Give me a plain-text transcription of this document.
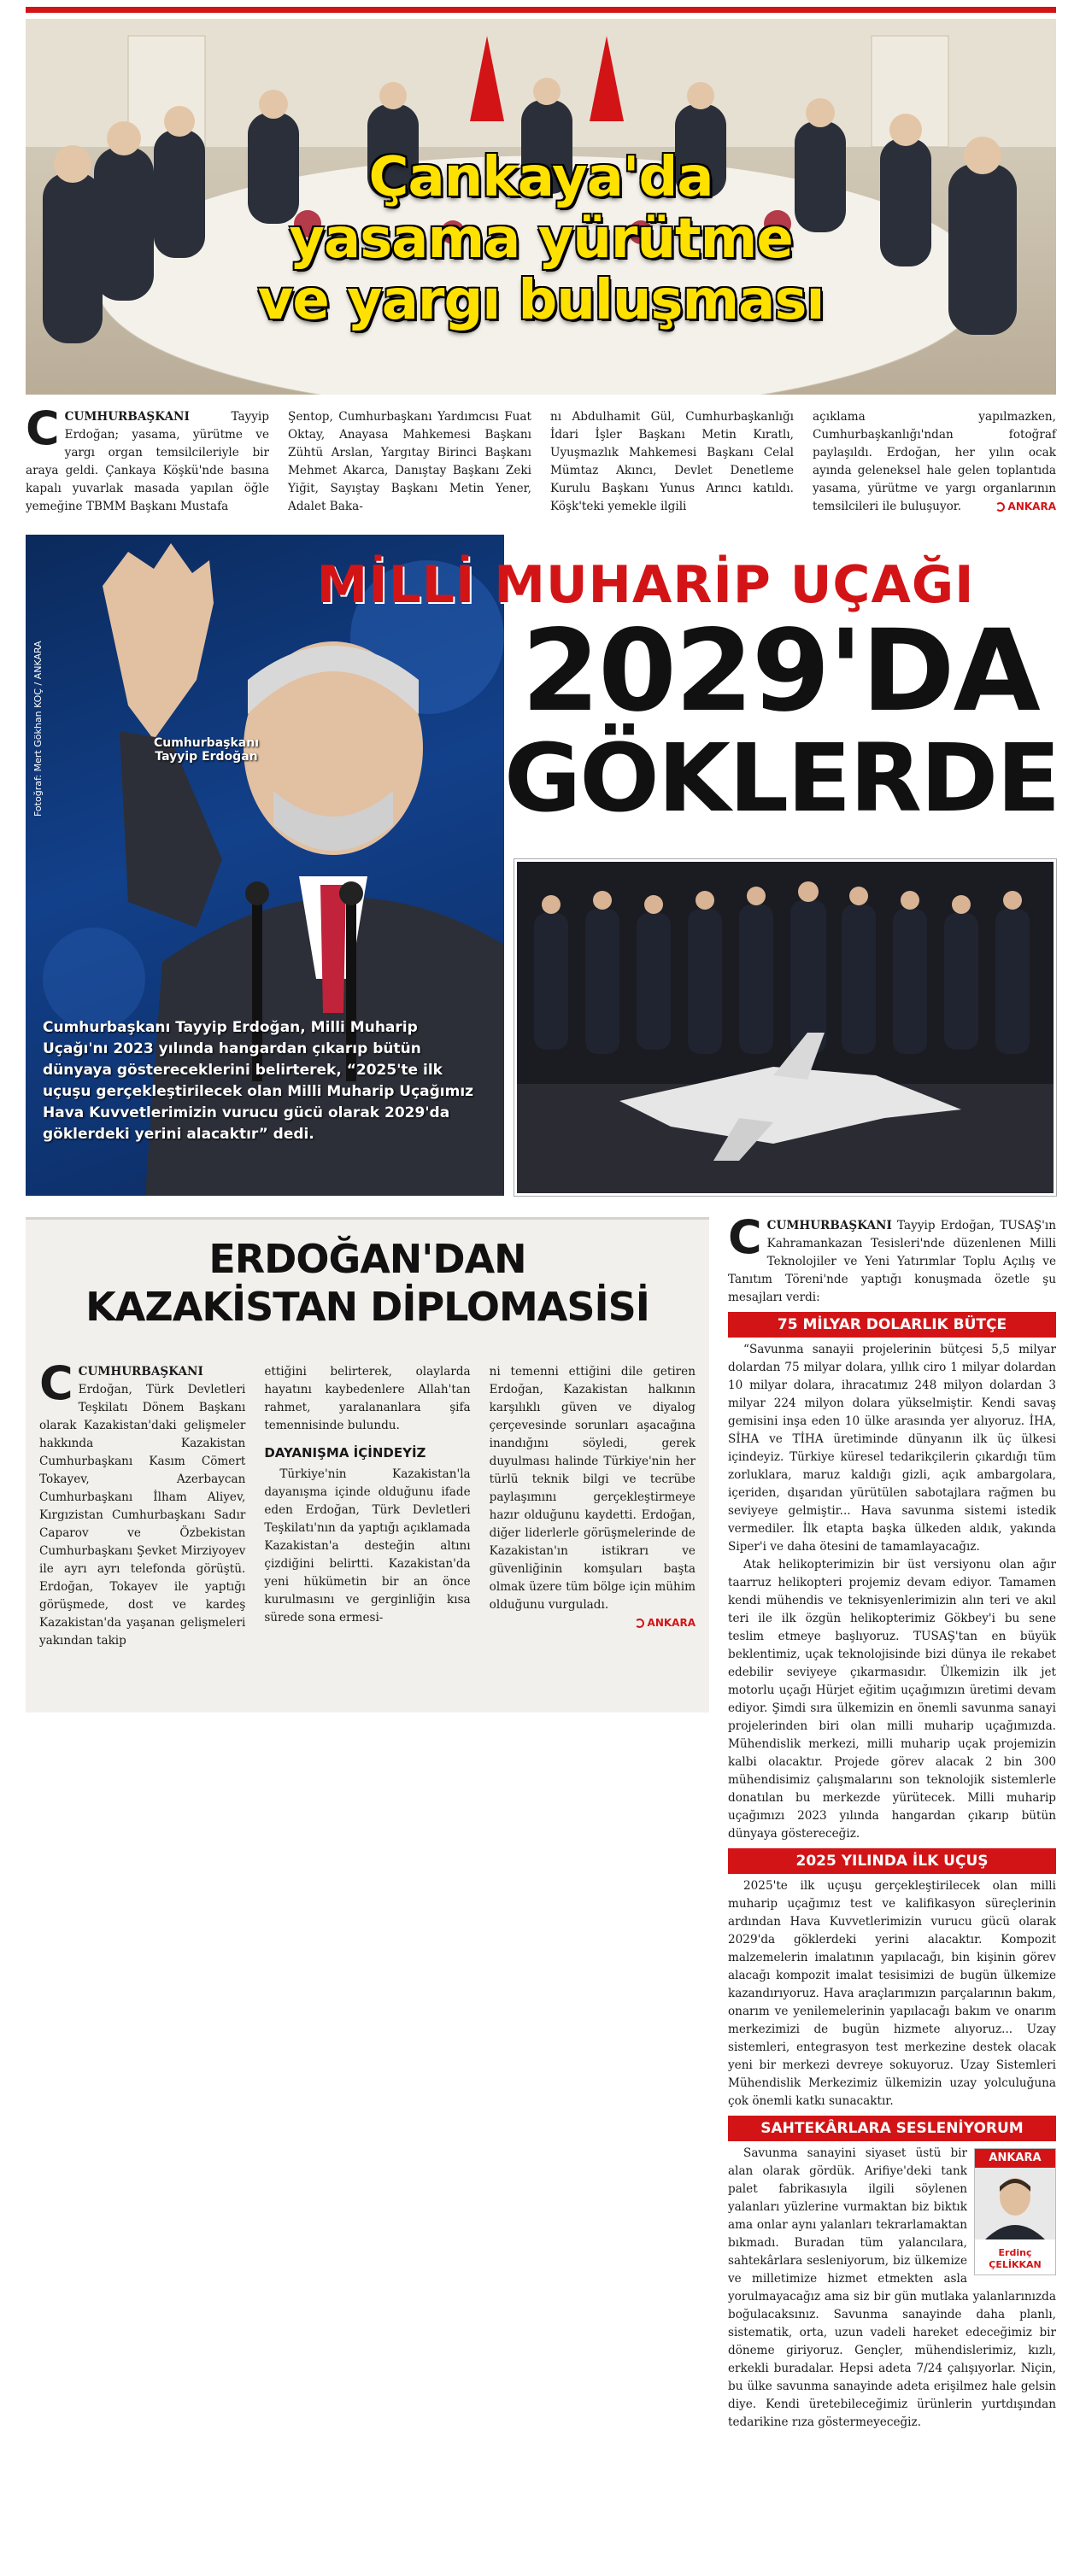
Çankaya'da
yasama yürütme
ve yargı buluşması
CCUMHURBAŞKANI Tayyip Erdoğan; yasama, yürütme ve yargı organ temsilcileriyle bir araya geldi. Çankaya Köşkü'nde basına kapalı yuvarlak masada yapılan öğle yemeğine TBMM Başkanı Mustafa
Şentop, Cumhurbaşkanı Yardımcısı Fuat Oktay, Anayasa Mahkemesi Başkanı Zühtü Arslan, Yargıtay Birinci Başkanı Mehmet Akarca, Danıştay Başkanı Zeki Yiğit, Sayıştay Başkanı Metin Yener, Adalet Baka-
nı Abdulhamit Gül, Cumhurbaşkanlığı İdari İşler Başkanı Metin Kıratlı, Uyuşmazlık Mahkemesi Başkanı Celal Mümtaz Akıncı, Devlet Denetleme Kurulu Başkanı Yunus Arıncı katıldı. Köşk'teki yemekle ilgili
açıklama yapılmazken, Cumhurbaşkanlığı'ndan fotoğraf paylaşıldı. Erdoğan, her yılın ocak ayında geleneksel hale gelen toplantıda yasama, yürütme ve yargı organlarının temsilcileri ile buluşuyor.	ANKARA
Fotoğraf: Mert Gökhan KOÇ / ANKARA	Cumhurbaşkanı
Tayyip Erdoğan
Cumhurbaşkanı Tayyip Erdoğan, Milli Muharip Uçağı'nı 2023 yılında hangardan çıkarıp bütün dünyaya göstereceklerini belirterek, “2025'te ilk uçuşu gerçekleştirilecek olan Milli Muharip Uçağımız Hava Kuvvetlerimizin vurucu gücü olarak 2029'da göklerdeki yerini alacaktır” dedi.
MİLLİ MUHARİP UÇAĞI
2029'DA
GÖKLERDE
ERDOĞAN'DAN
KAZAKİSTAN DİPLOMASİSİ
CCUMHURBAŞKANI Erdoğan, Türk Devletleri Teşkilatı Dönem Başkanı olarak Kazakistan'daki gelişmeler hakkında Kazakistan Cumhurbaşkanı Kasım Cömert Tokayev, Azerbaycan Cumhurbaşkanı İlham Aliyev, Kırgızistan Cumhurbaşkanı Sadır Caparov ve Özbekistan Cumhurbaşkanı Şevket Mirziyoyev ile ayrı ayrı telefonda görüştü. Erdoğan, Tokayev ile yaptığı görüşmede, dost ve kardeş Kazakistan'da yaşanan gelişmeleri yakından takip
ettiğini belirterek, olaylarda hayatını kaybedenlere Allah'tan rahmet, yaralananlara şifa temennisinde bulundu.
DAYANIŞMA İÇİNDEYİZ
Türkiye'nin Kazakistan'la dayanışma içinde olduğunu ifade eden Erdoğan, Türk Devletleri Teşkilatı'nın da yaptığı açıklamada Kazakistan'a desteğin altını çizdiğini belirtti. Kazakistan'da yeni hükümetin bir an önce kurulmasını ve gerginliğin kısa sürede sona ermesi-
ni temenni ettiğini dile getiren Erdoğan, Kazakistan halkının karşılıklı güven ve diyalog çerçevesinde sorunları aşacağına inandığını söyledi, gerek duyulması halinde Türkiye'nin her türlü teknik bilgi ve tecrübe paylaşımını gerçekleştirmeye hazır olduğunu kaydetti. Erdoğan, diğer liderlerle görüşmelerinde de Kazakistan'ın istikrarı ve güvenliğinin komşuları başta olmak üzere tüm bölge için mühim olduğunu vurguladı.

ANKARA
CCUMHURBAŞKANI Tayyip Erdoğan, TUSAŞ'ın Kahramankazan Tesisleri'nde düzenlenen Milli Teknolojiler ve Yeni Yatırımlar Toplu Açılış ve Tanıtım Töreni'nde yaptığı konuşmada özetle şu mesajları verdi:
75 MİLYAR DOLARLIK BÜTÇE
“Savunma sanayii projelerinin bütçesi 5,5 milyar dolardan 75 milyar dolara, yıllık ciro 1 milyar dolardan 10 milyar dolara, ihracatımız 248 milyon dolardan 3 milyar 224 milyon dolara yükselmiştir. Kendi savaş gemisini inşa eden 10 ülke arasında yer alıyoruz. İHA, SİHA ve TİHA üretiminde dünyanın ilk üç ülkesi içindeyiz. Türkiye küresel tedarikçilerin çıkardığı tüm zorluklara, maruz kaldığı gizli, açık ambargolara, içeriden, dışarıdan yürütülen sabotajlara rağmen bu seviyeye gelmiştir... Hava savunma sistemi istedik vermediler. İlk etapta başka ülkeden aldık, yakında Siper'i ve daha ötesini de tamamlayacağız.
Atak helikopterimizin bir üst versiyonu olan ağır taarruz helikopteri projemiz devam ediyor. Tamamen kendi mühendis ve teknisyenlerimizin alın teri ve akıl teri ile ilk özgün helikopterimiz Gökbey'i bu sene teslim etmeye başlıyoruz. TUSAŞ'tan en büyük beklentimiz, uçak teknolojisinde bizi dünya ile rekabet edebilir seviyeye çıkarmasıdır. Ülkemizin ilk jet motorlu uçağı Hürjet eğitim uçağımızın üretimi devam ediyor. Şimdi sıra ülkemizin en önemli savunma sanayi projelerinden biri olan milli muharip uçağımızda. Mühendislik merkezi, milli muharip uçak projemizin kalbi olacaktır. Projede görev alacak 2 bin 300 mühendisimiz çalışmalarını son teknolojik sistemlerle donatılan bu merkezde yürütecek. Milli muharip uçağımızı 2023 yılında hangardan çıkarıp bütün dünyaya göstereceğiz.
2025 YILINDA İLK UÇUŞ
2025'te ilk uçuşu gerçekleştirilecek olan milli muharip uçağımız test ve kalifikasyon süreçlerinin ardından Hava Kuvvetlerimizin vurucu gücü olarak 2029'da göklerdeki yerini alacaktır. Kompozit malzemelerin imalatının yapılacağı, bin kişinin görev alacağı kompozit imalat tesisimizi de bugün ülkemize kazandırıyoruz. Hava araçlarımızın parçalarının bakım, onarım ve yenilemelerinin yapılacağı bakım ve onarım merkezimizi de bugün hizmete alıyoruz... Uzay sistemleri, entegrasyon test merkezine destek olacak yeni bir merkezi devreye sokuyoruz. Uzay Sistemleri Mühendislik Merkezimiz ülkemizin uzay yolculuğuna çok önemli katkı sunacaktır.
SAHTEKÂRLARA SESLENİYORUM
ANKARA
Erdinç
ÇELİKKAN
Savunma sanayini siyaset üstü bir alan olarak gördük. Arifiye'deki tank palet fabrikasıyla ilgili söylenen yalanları yüzlerine vurmaktan biz biktık ama onlar aynı yalanları tekrarlamaktan bıkmadı. Buradan tüm yalancılara, sahtekârlara sesleniyorum, biz ülkemize ve milletimize hizmet etmekten asla yorulmayacağız ama siz bir gün mutlaka yalanlarınızda boğulacaksınız. Savunma sanayinde daha planlı, sistematik, orta, uzun vadeli hareket edeceğimiz bir döneme giriyoruz. Gençler, mühendislerimiz, kızlı, erkekli buradalar. Hepsi adeta 7/24 çalışıyorlar. Niçin, bu ülke savunma sanayinde adeta erişilmez hale gelsin diye. Kendi üretebileceğimiz ürünlerin yurtdışından tedarikine rıza göstermeyeceğiz.
